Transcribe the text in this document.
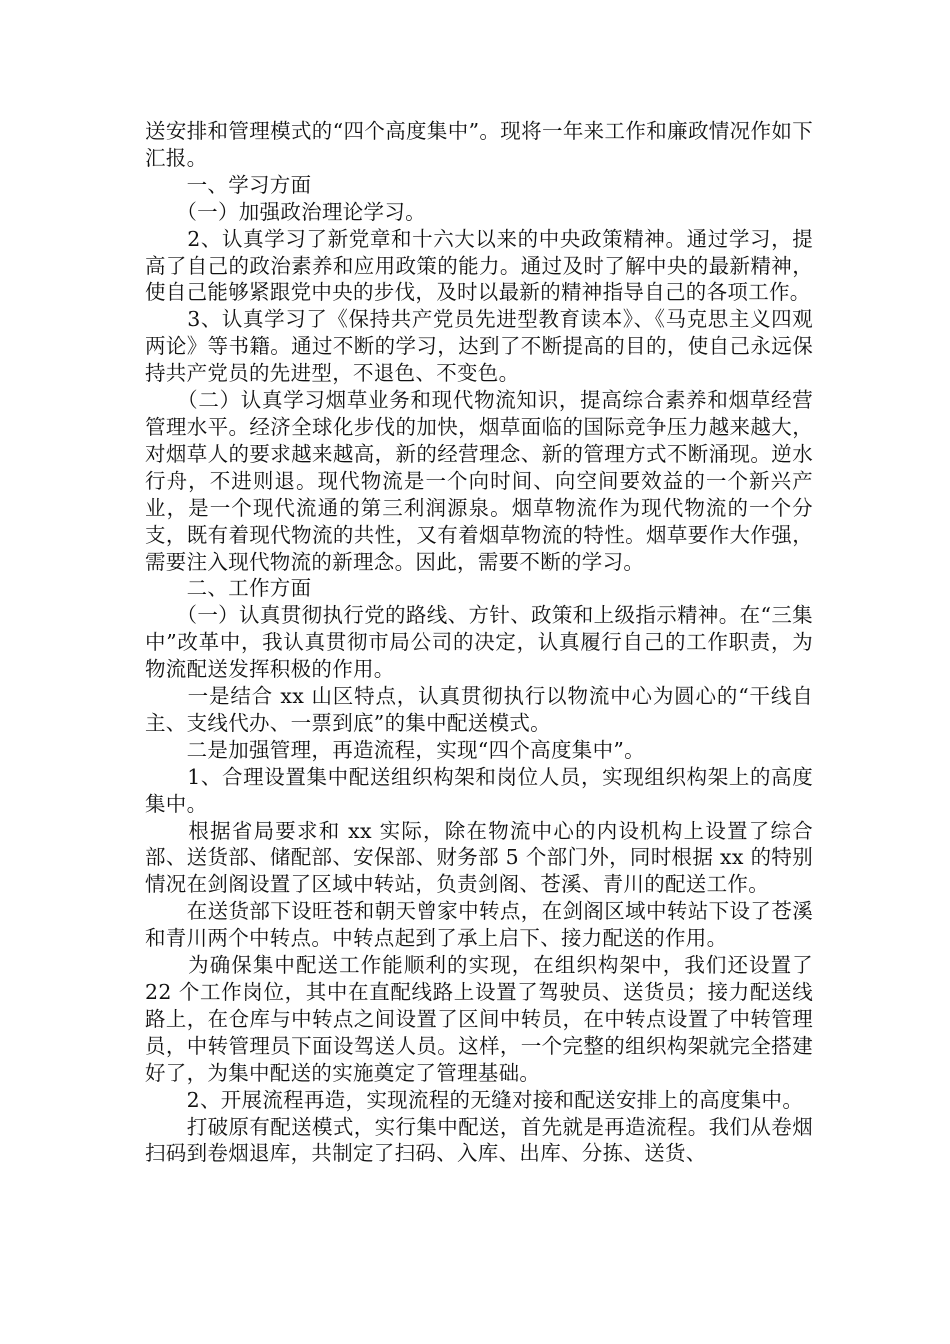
送安排和管理模式的“四个高度集中”。现将一年来工作和廉政情况作如下汇报。

　　一、学习方面

　　（一）加强政治理论学习。

　　2、认真学习了新党章和十六大以来的中央政策精神。通过学习，提高了自己的政治素养和应用政策的能力。通过及时了解中央的最新精神，使自己能够紧跟党中央的步伐，及时以最新的精神指导自己的各项工作。

　　3、认真学习了《保持共产党员先进型教育读本》、《马克思主义四观两论》等书籍。通过不断的学习，达到了不断提高的目的，使自己永远保持共产党员的先进型，不退色、不变色。

　　（二）认真学习烟草业务和现代物流知识，提高综合素养和烟草经营管理水平。经济全球化步伐的加快，烟草面临的国际竞争压力越来越大，对烟草人的要求越来越高，新的经营理念、新的管理方式不断涌现。逆水行舟，不进则退。现代物流是一个向时间、向空间要效益的一个新兴产业，是一个现代流通的第三利润源泉。烟草物流作为现代物流的一个分支，既有着现代物流的共性，又有着烟草物流的特性。烟草要作大作强，需要注入现代物流的新理念。因此，需要不断的学习。

　　二、工作方面

　　（一）认真贯彻执行党的路线、方针、政策和上级指示精神。在“三集中”改革中，我认真贯彻市局公司的决定，认真履行自己的工作职责，为物流配送发挥积极的作用。

　　一是结合 xx 山区特点，认真贯彻执行以物流中心为圆心的“干线自主、支线代办、一票到底”的集中配送模式。

　　二是加强管理，再造流程，实现“四个高度集中”。

　　1、合理设置集中配送组织构架和岗位人员，实现组织构架上的高度集中。

　　根据省局要求和 xx 实际，除在物流中心的内设机构上设置了综合部、送货部、储配部、安保部、财务部 5 个部门外，同时根据 xx 的特别情况在剑阁设置了区域中转站，负责剑阁、苍溪、青川的配送工作。

　　在送货部下设旺苍和朝天曾家中转点，在剑阁区域中转站下设了苍溪和青川两个中转点。中转点起到了承上启下、接力配送的作用。

　　为确保集中配送工作能顺利的实现，在组织构架中，我们还设置了 22 个工作岗位，其中在直配线路上设置了驾驶员、送货员；接力配送线路上，在仓库与中转点之间设置了区间中转员，在中转点设置了中转管理员，中转管理员下面设驾送人员。这样，一个完整的组织构架就完全搭建好了，为集中配送的实施奠定了管理基础。

　　2、开展流程再造，实现流程的无缝对接和配送安排上的高度集中。

　　打破原有配送模式，实行集中配送，首先就是再造流程。我们从卷烟扫码到卷烟退库，共制定了扫码、入库、出库、分拣、送货、
